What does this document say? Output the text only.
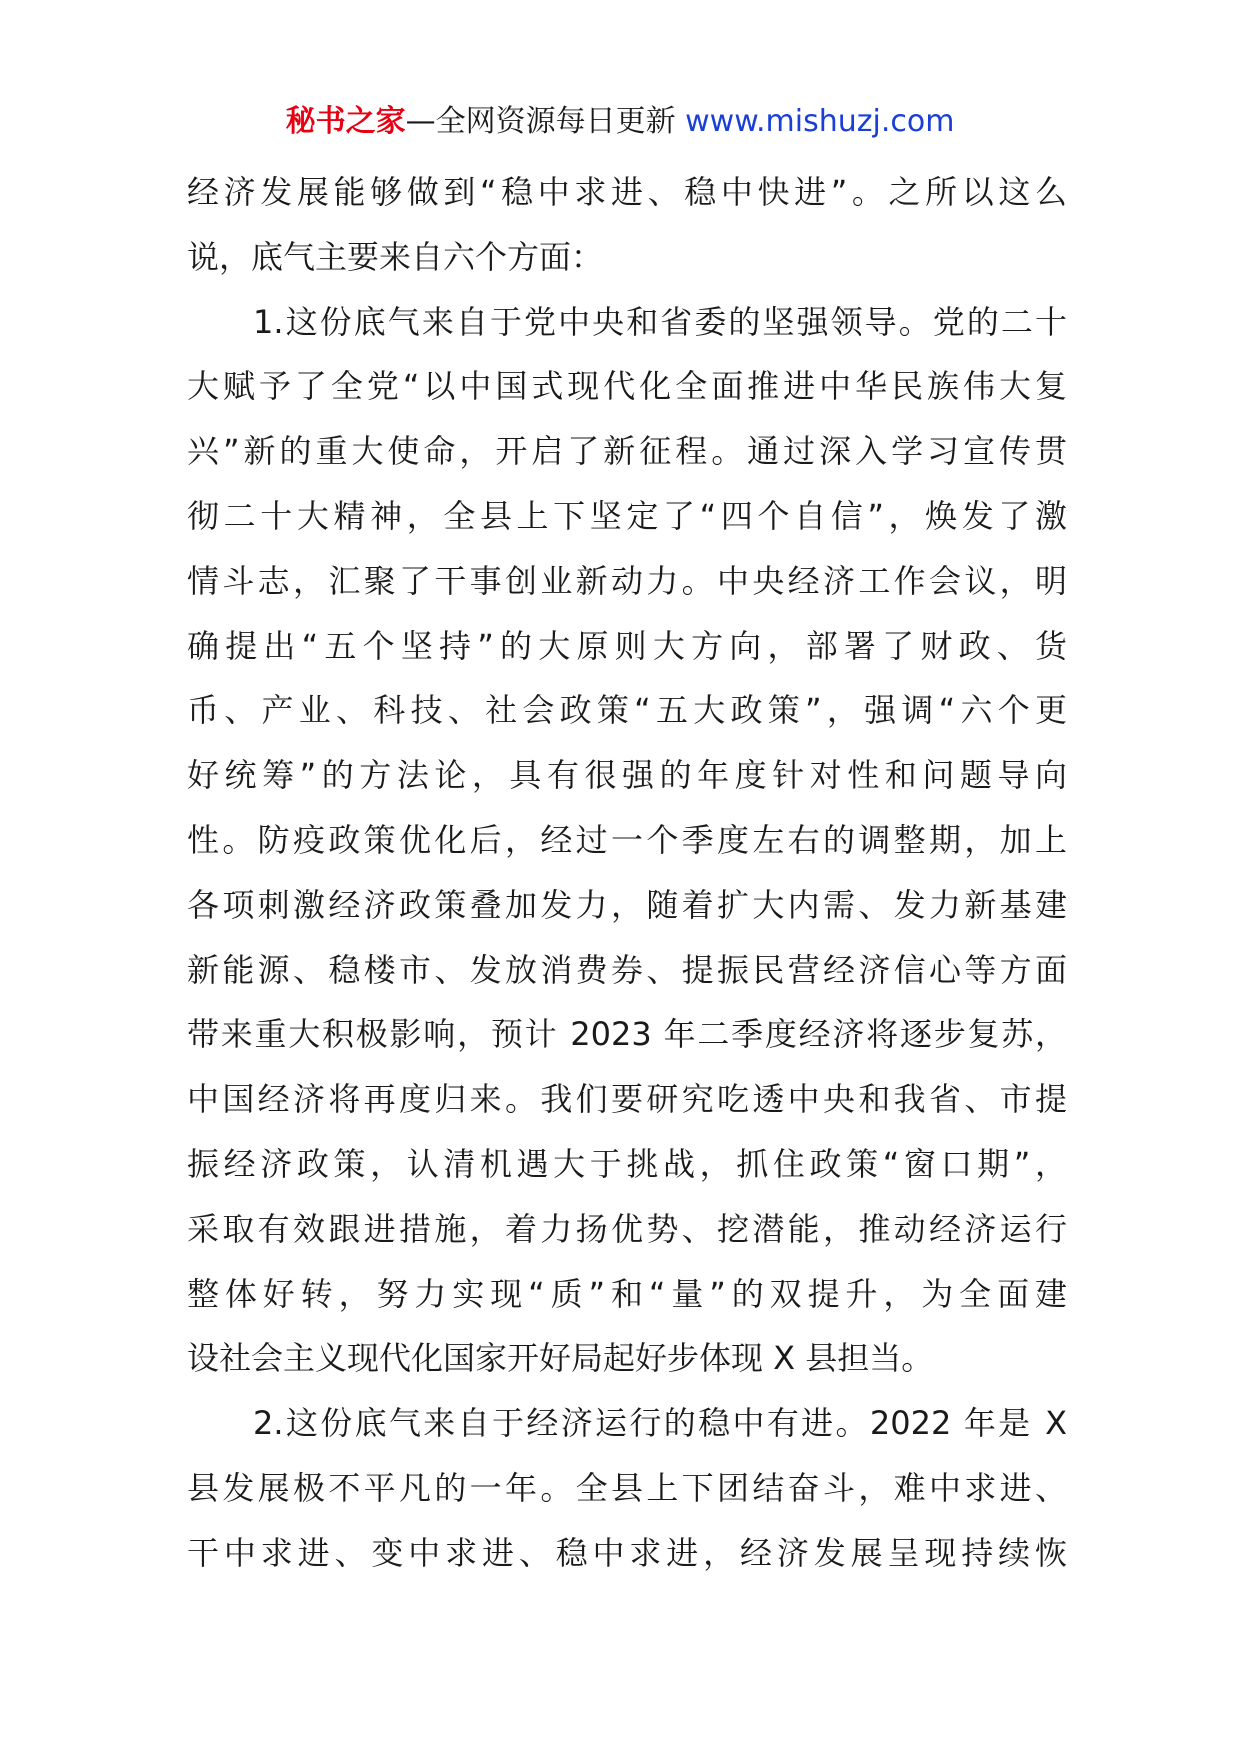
秘书之家—全网资源每日更新 www.mishuzj.com
经济发展能够做到“稳中求进、稳中快进”。之所以这么
说，底气主要来自六个方面：
1.这份底气来自于党中央和省委的坚强领导。党的二十
大赋予了全党“以中国式现代化全面推进中华民族伟大复
兴”新的重大使命，开启了新征程。通过深入学习宣传贯
彻二十大精神，全县上下坚定了“四个自信”，焕发了激
情斗志，汇聚了干事创业新动力。中央经济工作会议，明
确提出“五个坚持”的大原则大方向，部署了财政、货
币、产业、科技、社会政策“五大政策”，强调“六个更
好统筹”的方法论，具有很强的年度针对性和问题导向
性。防疫政策优化后，经过一个季度左右的调整期，加上
各项刺激经济政策叠加发力，随着扩大内需、发力新基建
新能源、稳楼市、发放消费券、提振民营经济信心等方面
带来重大积极影响，预计 2023 年二季度经济将逐步复苏，
中国经济将再度归来。我们要研究吃透中央和我省、市提
振经济政策，认清机遇大于挑战，抓住政策“窗口期”，
采取有效跟进措施，着力扬优势、挖潜能，推动经济运行
整体好转，努力实现“质”和“量”的双提升，为全面建
设社会主义现代化国家开好局起好步体现 X 县担当。
2.这份底气来自于经济运行的稳中有进。2022 年是 X
县发展极不平凡的一年。全县上下团结奋斗，难中求进、
干中求进、变中求进、稳中求进，经济发展呈现持续恢
